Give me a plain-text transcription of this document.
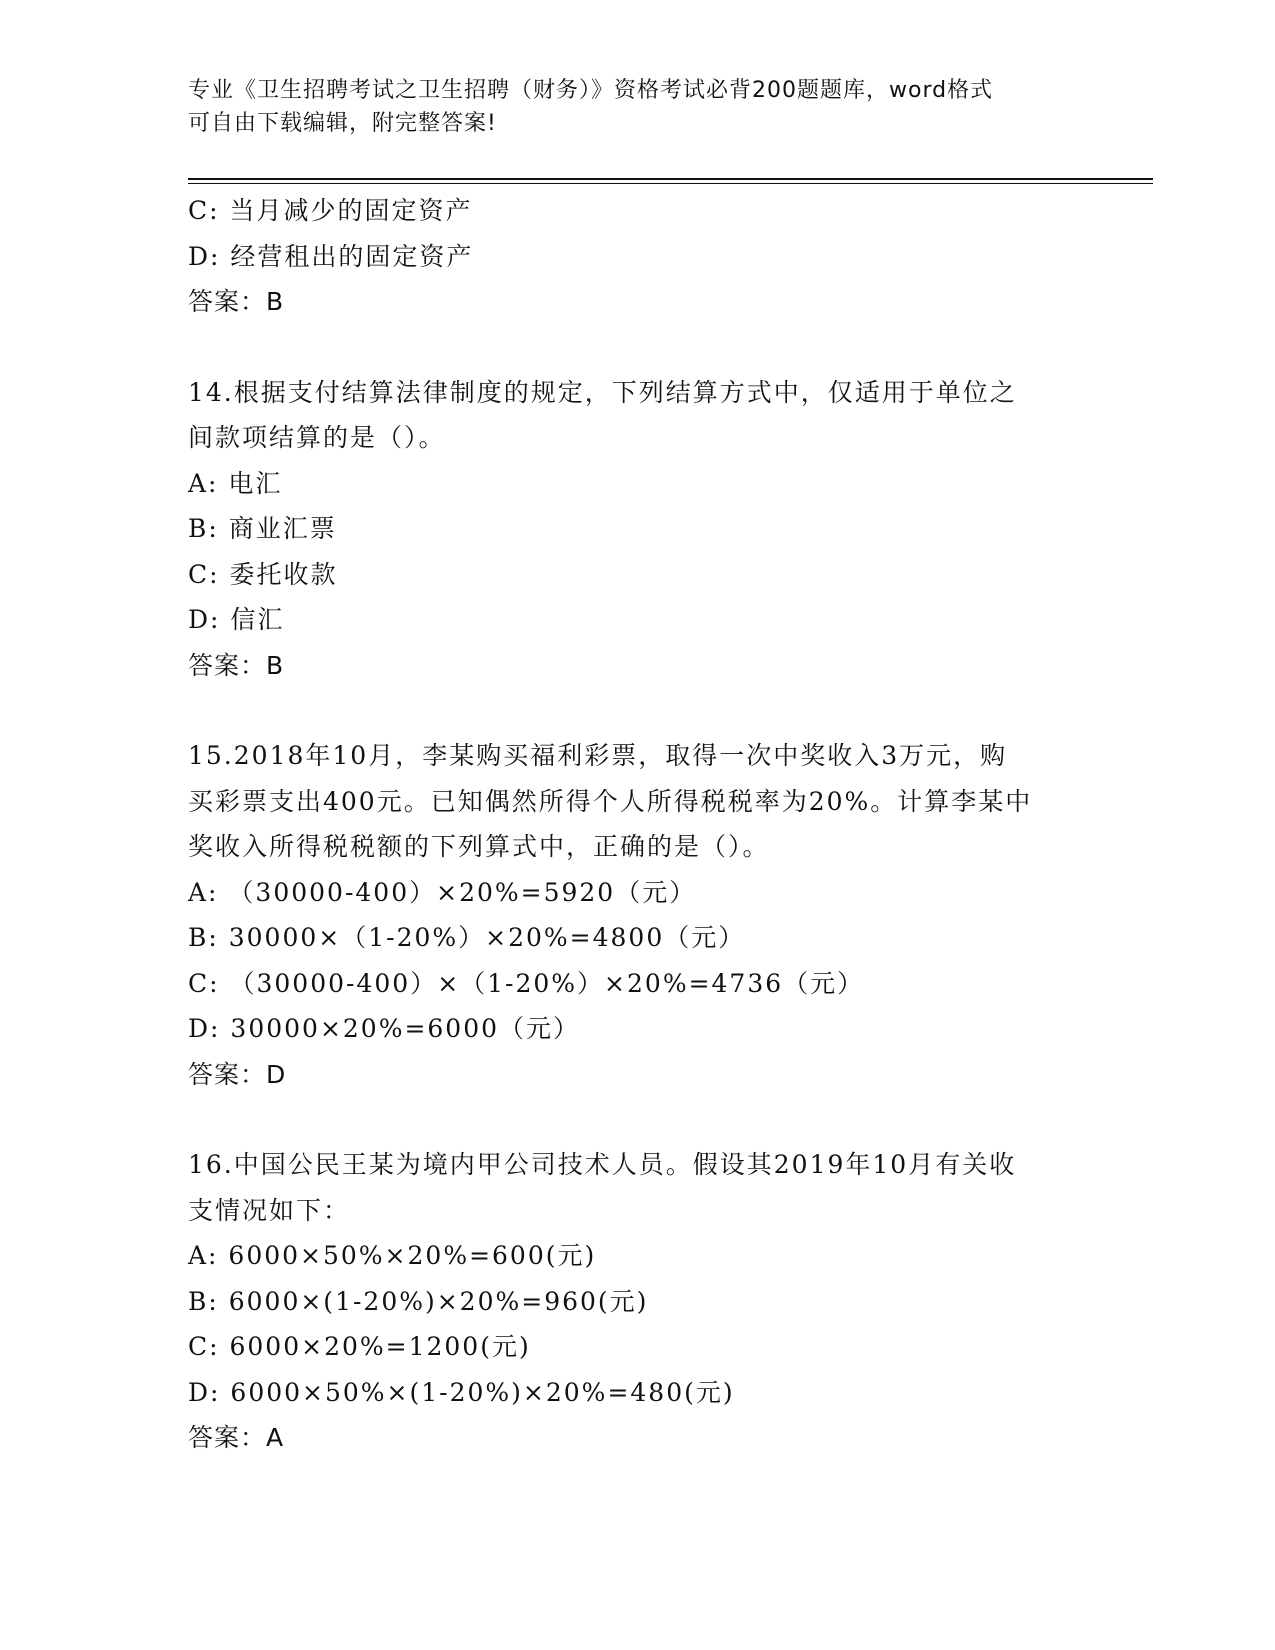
专业《卫生招聘考试之卫生招聘（财务）》资格考试必背200题题库，word格式
可自由下载编辑，附完整答案!
C: 当月减少的固定资产
D: 经营租出的固定资产
答案：B
14.根据支付结算法律制度的规定，下列结算方式中，仅适用于单位之
间款项结算的是（）。
A: 电汇
B: 商业汇票
C: 委托收款
D: 信汇
答案：B
15.2018年10月，李某购买福利彩票，取得一次中奖收入3万元，购
买彩票支出400元。已知偶然所得个人所得税税率为20%。计算李某中
奖收入所得税税额的下列算式中，正确的是（）。
A: （30000-400）×20%=5920（元）
B: 30000×（1-20%）×20%=4800（元）
C: （30000-400）×（1-20%）×20%=4736（元）
D: 30000×20%=6000（元）
答案：D
16.中国公民王某为境内甲公司技术人员。假设其2019年10月有关收
支情况如下：
A: 6000×50%×20%=600(元)
B: 6000×(1-20%)×20%=960(元)
C: 6000×20%=1200(元)
D: 6000×50%×(1-20%)×20%=480(元)
答案：A
